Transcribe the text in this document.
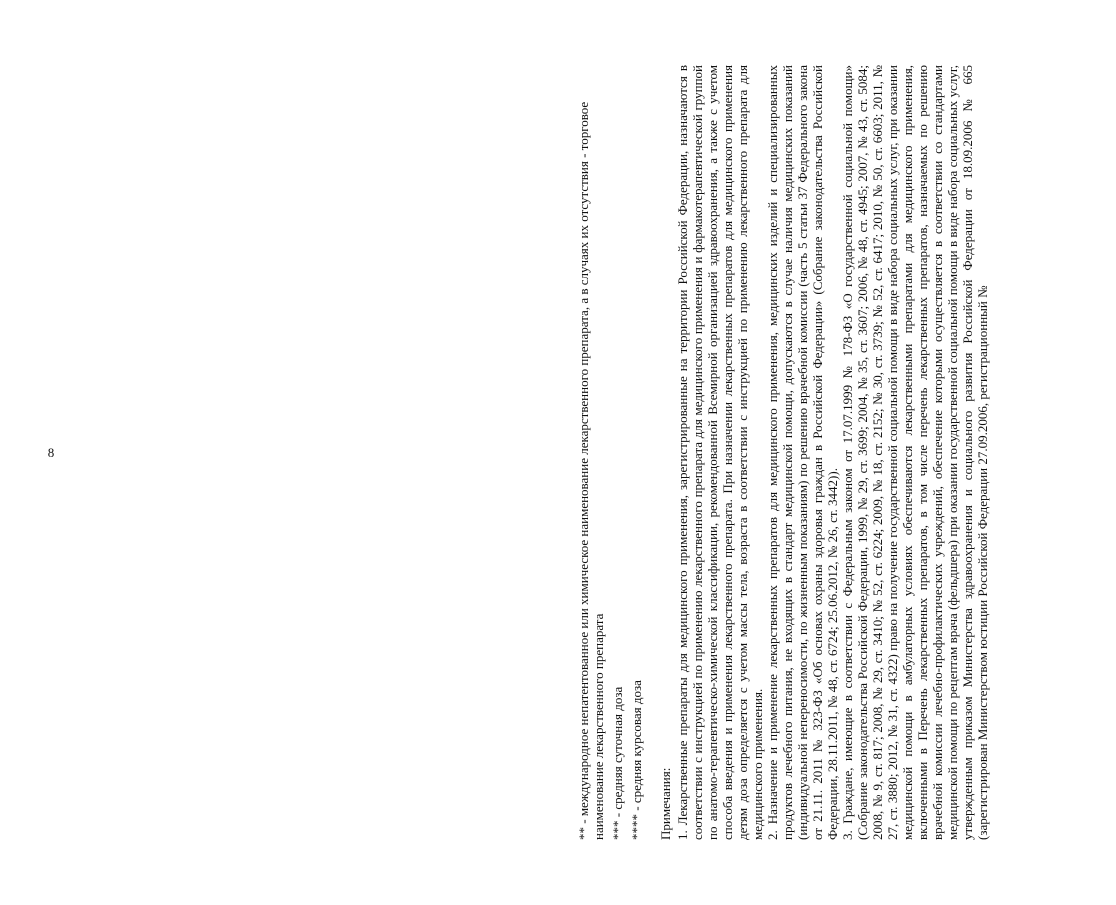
8	** - международное непатентованное или химическое наименование лекарственного препарата, а в случаях их отсутствия - торговое наименование лекарственного препарата *** - средняя суточная доза **** - средняя курсовая доза Примечания: 1. Лекарственные препараты для медицинского применения, зарегистрированные на территории Российской Федерации, назначаются в соответствии с инструкцией по применению лекарственного препарата для медицинского применения и фармакотерапевтической группой по анатомо-терапевтическо-химической классификации, рекомендованной Всемирной организацией здравоохранения, а также с учетом способа введения и применения лекарственного препарата. При назначении лекарственных препаратов для медицинского применения детям доза определяется с учетом массы тела, возраста в соответствии с инструкцией по применению лекарственного препарата для медицинского применения. 2. Назначение и применение лекарственных препаратов для медицинского применения, медицинских изделий и специализированных продуктов лечебного питания, не входящих в стандарт медицинской помощи, допускаются в случае наличия медицинских показаний (индивидуальной непереносимости, по жизненным показаниям) по решению врачебной комиссии (часть 5 статьи 37 Федерального закона от 21.11. 2011 № 323-ФЗ «Об основах охраны здоровья граждан в Российской Федерации» (Собрание законодательства Российской Федерации, 28.11.2011, № 48, ст. 6724; 25.06.2012, № 26, ст. 3442)). 3. Граждане, имеющие в соответствии с Федеральным законом от 17.07.1999 № 178-ФЗ «О государственной социальной помощи» (Собрание законодательства Российской Федерации, 1999, № 29, ст. 3699; 2004, № 35, ст. 3607; 2006, № 48, ст. 4945; 2007, № 43, ст. 5084; 2008, № 9, ст. 817; 2008, № 29, ст. 3410; № 52, ст. 6224; 2009, № 18, ст. 2152; № 30, ст. 3739; № 52, ст. 6417; 2010, № 50, ст. 6603; 2011, № 27, ст. 3880; 2012, № 31, ст. 4322) право на получение государственной социальной помощи в виде набора социальных услуг, при оказании медицинской помощи в амбулаторных условиях обеспечиваются лекарственными препаратами для медицинского применения, включенными в Перечень лекарственных препаратов, в том числе перечень лекарственных препаратов, назначаемых по решению врачебной комиссии лечебно-профилактических учреждений, обеспечение которыми осуществляется в соответствии со стандартами медицинской помощи по рецептам врача (фельдшера) при оказании государственной социальной помощи в виде набора социальных услуг, утвержденным приказом Министерства здравоохранения и социального развития Российской Федерации от 18.09.2006 № 665 (зарегистрирован Министерством юстиции Российской Федерации 27.09.2006, регистрационный №
